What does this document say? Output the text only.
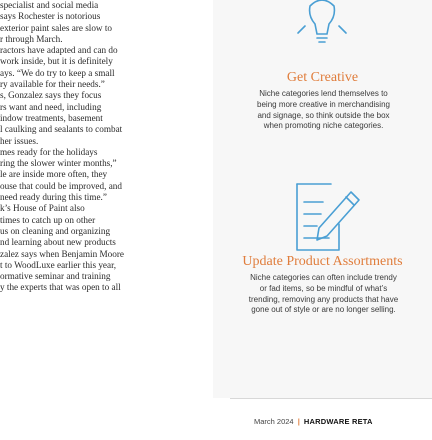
specialist and social media
says Rochester is notorious
exterior paint sales are slow to
r through March.
ractors have adapted and can do
work inside, but it is definitely
ays. “We do try to keep a small
ry available for their needs.”
s, Gonzalez says they focus
rs want and need, including
indow treatments, basement
l caulking and sealants to combat
her issues.
mes ready for the holidays
ring the slower winter months,”
le are inside more often, they
ouse that could be improved, and
need ready during this time.”
k’s House of Paint also
times to catch up on other
us on cleaning and organizing
nd learning about new products
zalez says when Benjamin Moore
t to WoodLuxe earlier this year,
ormative seminar and training
y the experts that was open to all
Get Creative
Niche categories lend themselves to
being more creative in merchandising
and signage, so think outside the box
when promoting niche categories.
Update Product Assortments
Niche categories can often include trendy
or fad items, so be mindful of what’s
trending, removing any products that have
gone out of style or are no longer selling.
March 2024 | HARDWARE RETA
